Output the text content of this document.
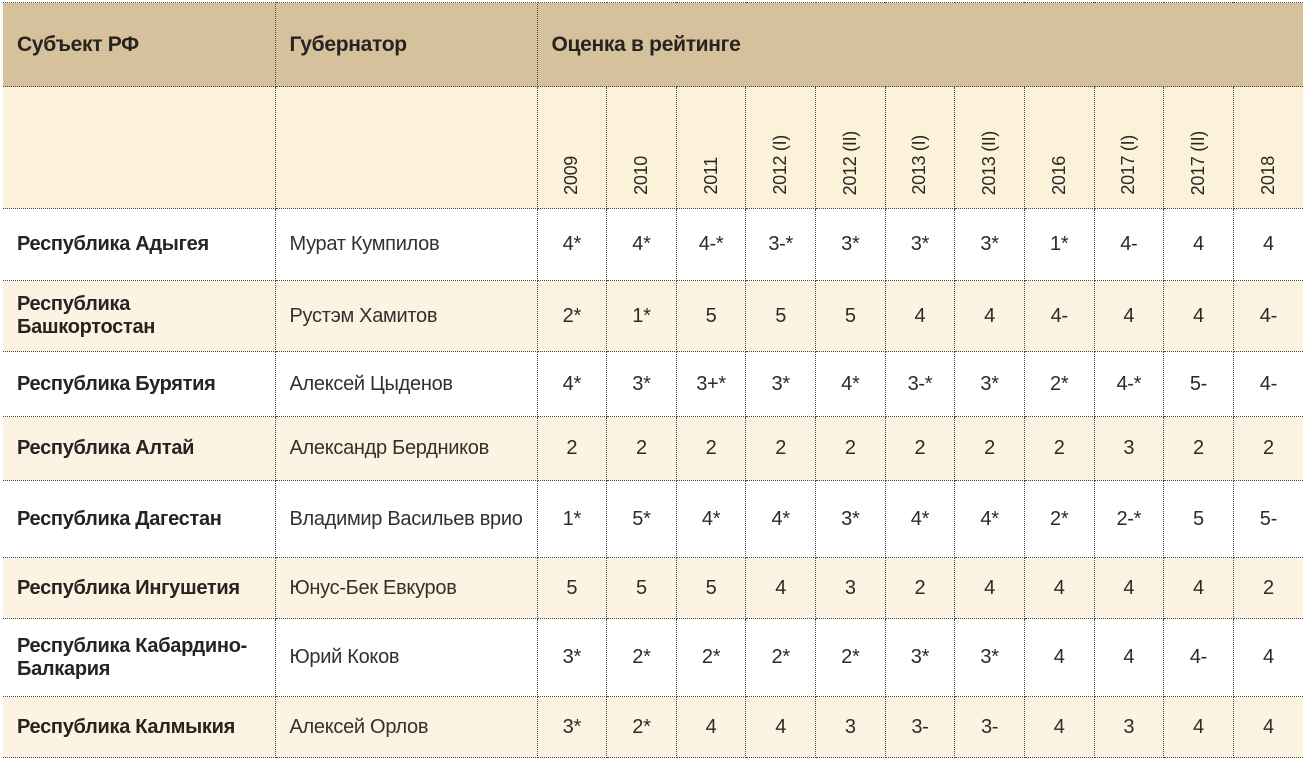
Субъект РФ	Губернатор	Оценка в рейтинге										

		2009	2010	2011	2012 (I)	2012 (II)	2013 (I)	2013 (II)	2016	2017 (I)	2017 (II)	2018

Республика Адыгея	Мурат Кумпилов	4*	4*	4-*	3-*	3*	3*	3*	1*	4-	4	4
Республика Башкортостан	Рустэм Хамитов	2*	1*	5	5	5	4	4	4-	4	4	4-
Республика Бурятия	Алексей Цыденов	4*	3*	3+*	3*	4*	3-*	3*	2*	4-*	5-	4-
Республика Алтай	Александр Бердников	2	2	2	2	2	2	2	2	3	2	2
Республика Дагестан	Владимир Васильев врио	1*	5*	4*	4*	3*	4*	4*	2*	2-*	5	5-
Республика Ингушетия	Юнус-Бек Евкуров	5	5	5	4	3	2	4	4	4	4	2
Республика Кабардино-Балкария	Юрий Коков	3*	2*	2*	2*	2*	3*	3*	4	4	4-	4
Республика Калмыкия	Алексей Орлов	3*	2*	4	4	3	3-	3-	4	3	4	4
